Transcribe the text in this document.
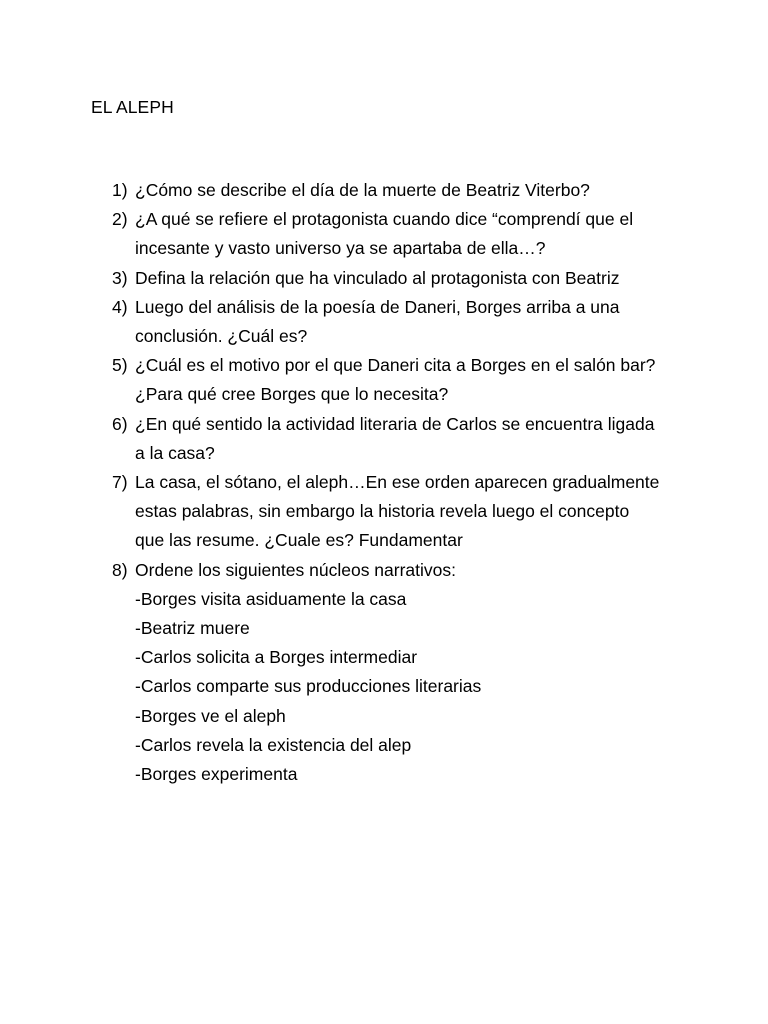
EL ALEPH
1) ¿Cómo se describe el día de la muerte de Beatriz Viterbo?
2) ¿A qué se refiere el protagonista cuando dice “comprendí que el
incesante y vasto universo ya se apartaba de ella…?
3) Defina la relación que ha vinculado al protagonista con Beatriz
4) Luego del análisis de la poesía de Daneri, Borges arriba a una
conclusión. ¿Cuál es?
5) ¿Cuál es el motivo por el que Daneri cita a Borges en el salón bar?
¿Para qué cree Borges que lo necesita?
6) ¿En qué sentido la actividad literaria de Carlos se encuentra ligada
a la casa?
7) La casa, el sótano, el aleph…En ese orden aparecen gradualmente
estas palabras, sin embargo la historia revela luego el concepto
que las resume. ¿Cuale es? Fundamentar
8) Ordene los siguientes núcleos narrativos:
-Borges visita asiduamente la casa
-Beatriz muere
-Carlos solicita a Borges intermediar
-Carlos comparte sus producciones literarias
-Borges ve el aleph
-Carlos revela la existencia del alep
-Borges experimenta
